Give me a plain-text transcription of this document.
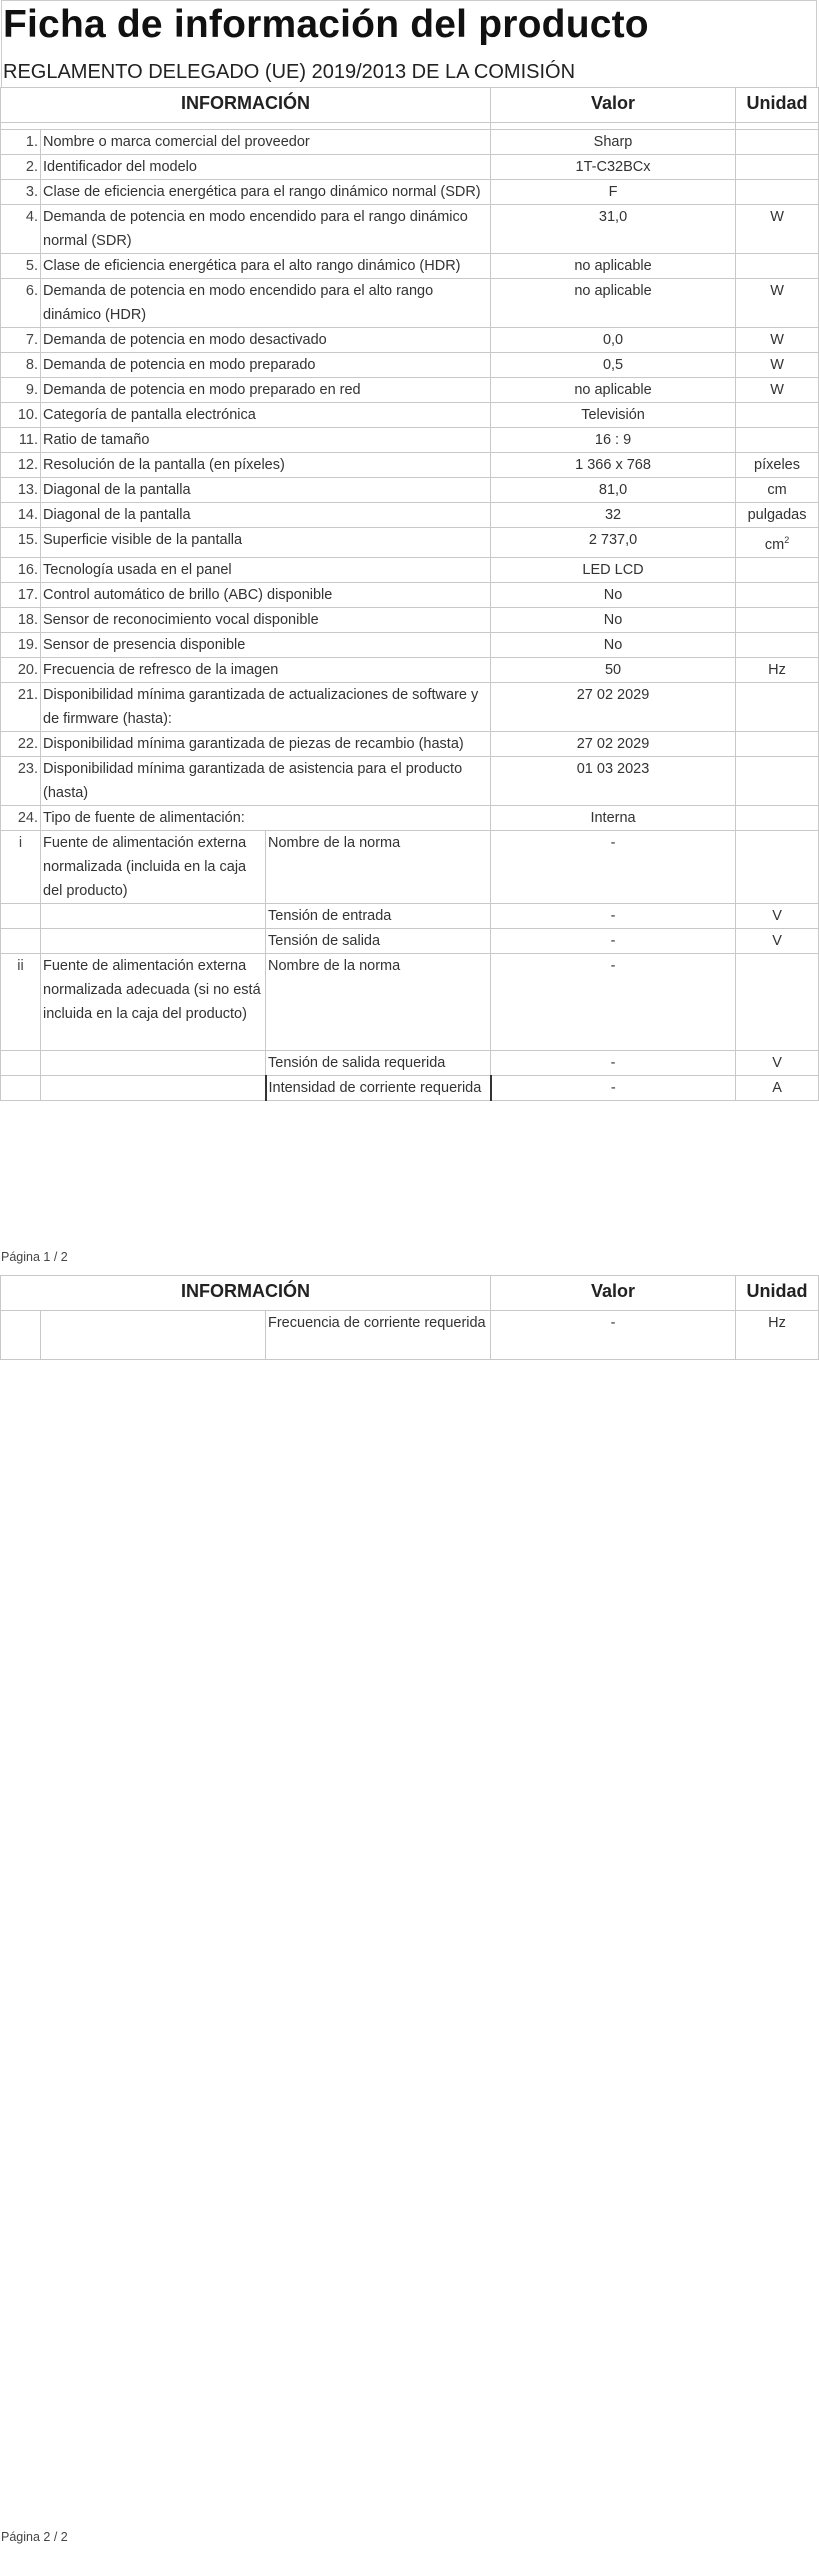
Ficha de información del producto
REGLAMENTO DELEGADO (UE) 2019/2013 DE LA COMISIÓN
INFORMACIÓN			Valor	Unidad

1.	Nombre o marca comercial del proveedor		Sharp	
2.	Identificador del modelo		1T-C32BCx	
3.	Clase de eficiencia energética para el rango dinámico normal (SDR)		F	
4.	Demanda de potencia en modo encendido para el rango dinámico normal (SDR)		31,0	W
5.	Clase de eficiencia energética para el alto rango dinámico (HDR)		no aplicable	
6.	Demanda de potencia en modo encendido para el alto rango dinámico (HDR)		no aplicable	W
7.	Demanda de potencia en modo desactivado		0,0	W
8.	Demanda de potencia en modo preparado		0,5	W
9.	Demanda de potencia en modo preparado en red		no aplicable	W
10.	Categoría de pantalla electrónica		Televisión	
11.	Ratio de tamaño		16 : 9	
12.	Resolución de la pantalla (en píxeles)		1 366 x 768	píxeles
13.	Diagonal de la pantalla		81,0	cm
14.	Diagonal de la pantalla		32	pulgadas
15.	Superficie visible de la pantalla		2 737,0	$cm^2$
16.	Tecnología usada en el panel		LED LCD	
17.	Control automático de brillo (ABC) disponible		No	
18.	Sensor de reconocimiento vocal disponible		No	
19.	Sensor de presencia disponible		No	
20.	Frecuencia de refresco de la imagen		50	Hz
21.	Disponibilidad mínima garantizada de actualizaciones de software y de firmware (hasta):		27 02 2029	
22.	Disponibilidad mínima garantizada de piezas de recambio (hasta)		27 02 2029	
23.	Disponibilidad mínima garantizada de asistencia para el producto (hasta)		01 03 2023	
24.	Tipo de fuente de alimentación:		Interna	
i	Fuente de alimentación externa normalizada (incluida en la caja del producto)	Nombre de la norma	-	
		Tensión de entrada	-	V
		Tensión de salida	-	V
ii	Fuente de alimentación externa normalizada adecuada (si no está incluida en la caja del producto)	Nombre de la norma	-	
		Tensión de salida requerida	-	V
		Intensidad de corriente requerida	-	A
Página 1 / 2
INFORMACIÓN			Valor	Unidad
		Frecuencia de corriente requerida	-	Hz
Página 2 / 2
